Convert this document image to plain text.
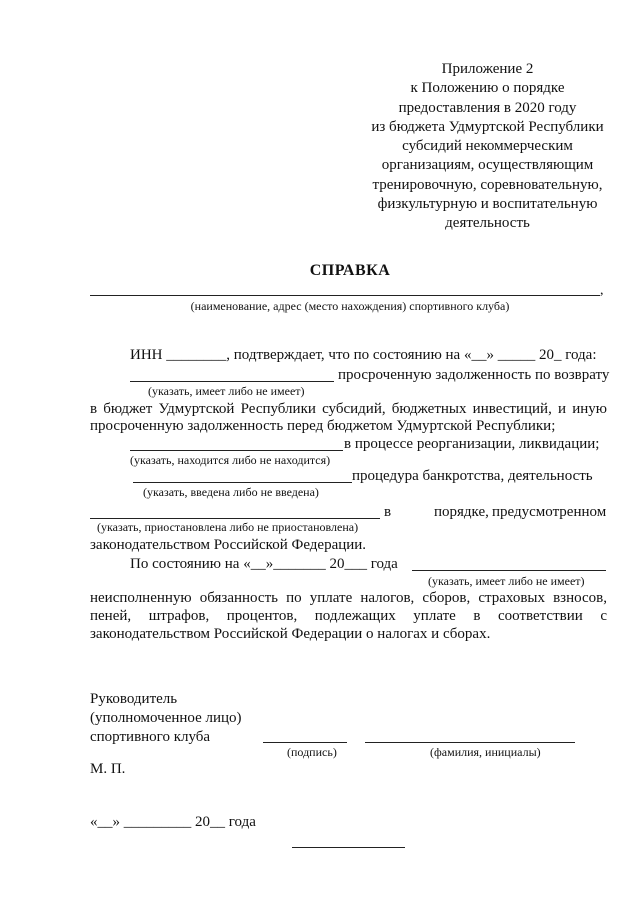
Приложение 2
к Положению о порядке
предоставления в 2020 году
из бюджета Удмуртской Республики
субсидий некоммерческим
организациям, осуществляющим
тренировочную, соревновательную,
физкультурную и воспитательную
деятельность
СПРАВКА
,
(наименование, адрес (место нахождения) спортивного клуба)
ИНН ________, подтверждает, что по состоянию на «__» _____ 20_ года:
просроченную задолженность по возврату
(указать, имеет либо не имеет)
в бюджет Удмуртской Республики субсидий, бюджетных инвестиций, и иную
просроченную задолженность перед бюджетом Удмуртской Республики;
в процессе реорганизации, ликвидации;
(указать, находится либо не находится)
процедура банкротства, деятельность
(указать, введена либо не введена)
в	порядке, предусмотренном
(указать, приостановлена либо не приостановлена)
законодательством Российской Федерации.
По состоянию на «__»_______ 20___ года
(указать, имеет либо не имеет)
неисполненную обязанность по уплате налогов, сборов, страховых взносов,
пеней, штрафов, процентов, подлежащих уплате в соответствии с
законодательством Российской Федерации о налогах и сборах.
Руководитель
(уполномоченное лицо)
спортивного клуба
(подпись)	(фамилия, инициалы)
М. П.
«__» _________ 20__ года
